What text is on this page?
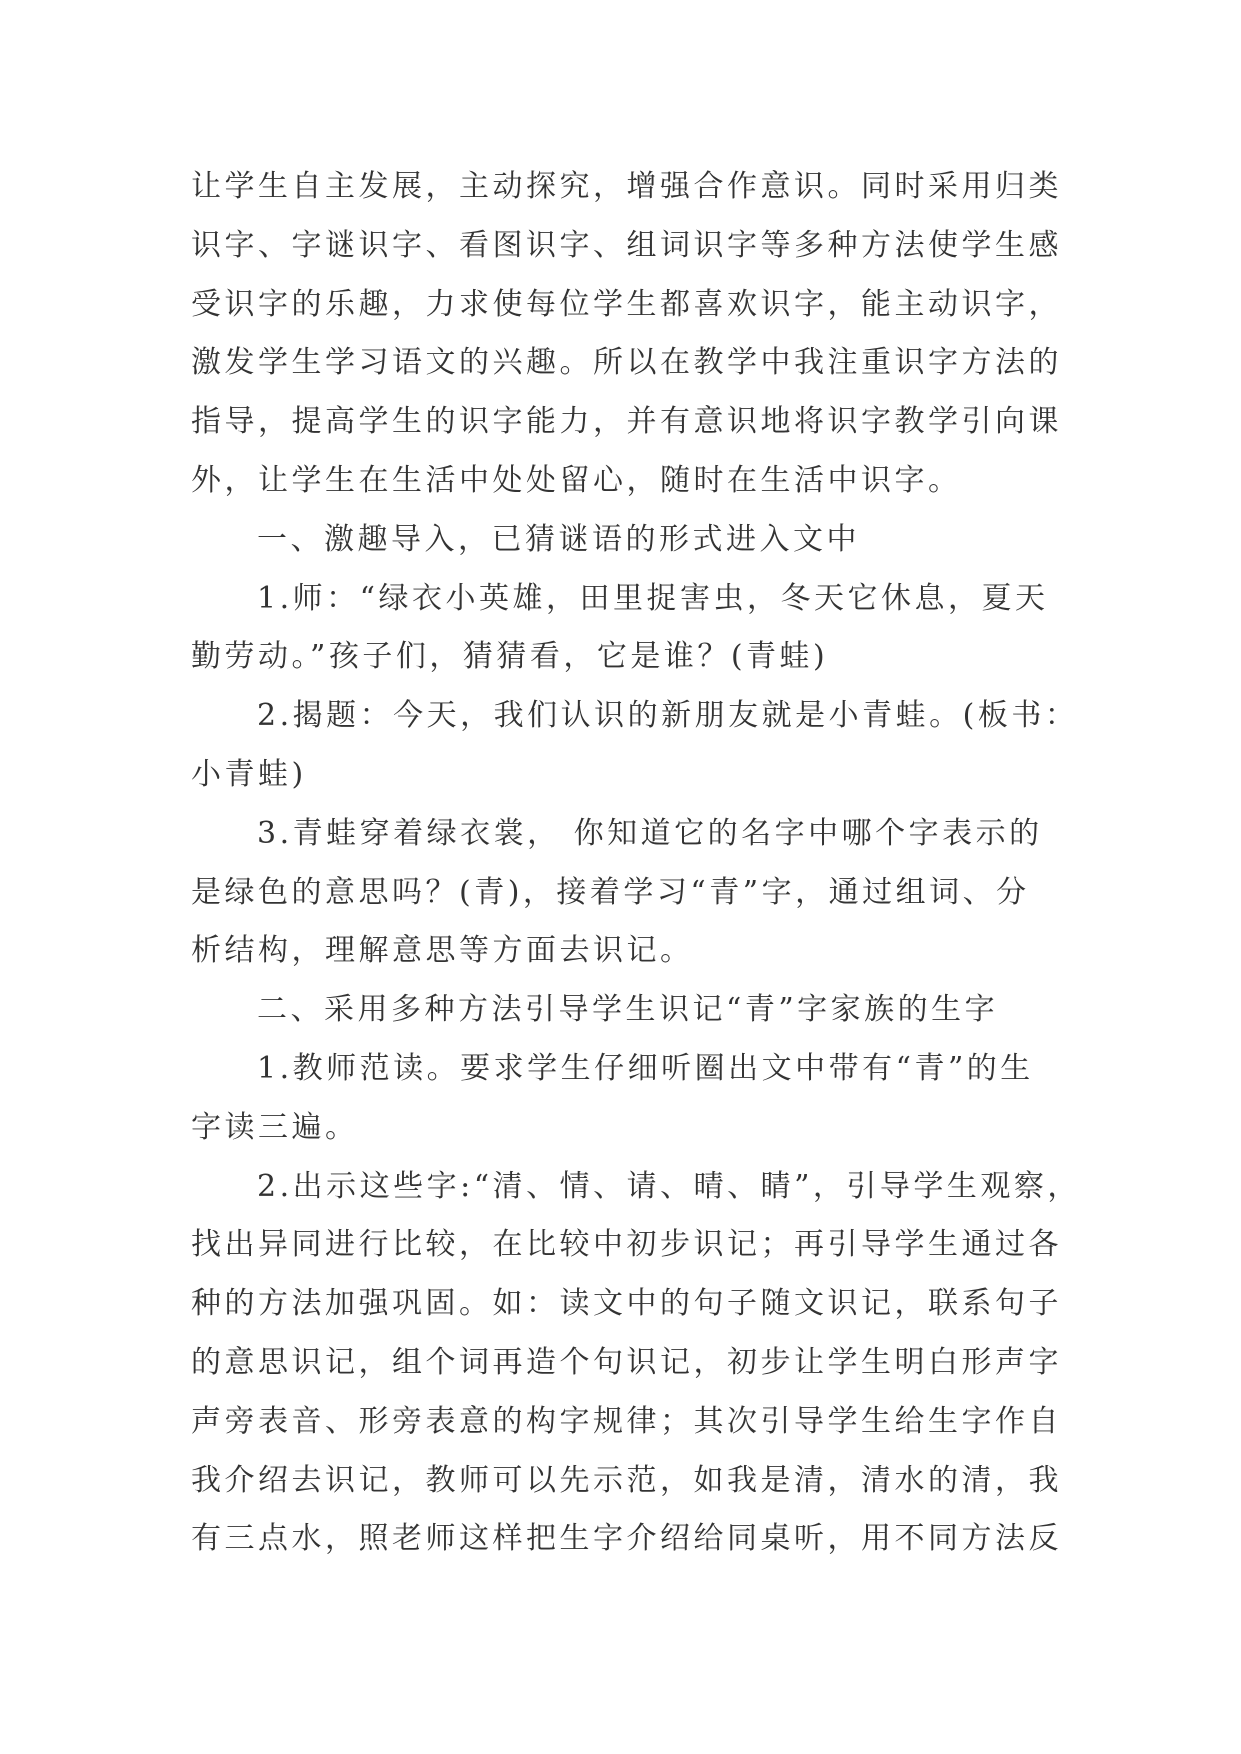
让学生自主发展，主动探究，增强合作意识。同时采用归类
识字、字谜识字、看图识字、组词识字等多种方法使学生感
受识字的乐趣，力求使每位学生都喜欢识字，能主动识字，
激发学生学习语文的兴趣。所以在教学中我注重识字方法的
指导，提高学生的识字能力，并有意识地将识字教学引向课
外，让学生在生活中处处留心，随时在生活中识字。

一、激趣导入，已猜谜语的形式进入文中

1.师：“绿衣小英雄，田里捉害虫，冬天它休息，夏天
勤劳动。”孩子们，猜猜看，它是谁？(青蛙)

2.揭题：今天，我们认识的新朋友就是小青蛙。(板书：
小青蛙)

3.青蛙穿着绿衣裳， 你知道它的名字中哪个字表示的
是绿色的意思吗？(青)，接着学习“青”字，通过组词、分
析结构，理解意思等方面去识记。

二、采用多种方法引导学生识记“青”字家族的生字

1.教师范读。要求学生仔细听圈出文中带有“青”的生
字读三遍。

2.出示这些字:“清、情、请、晴、睛”，引导学生观察，
找出异同进行比较，在比较中初步识记；再引导学生通过各
种的方法加强巩固。如：读文中的句子随文识记，联系句子
的意思识记，组个词再造个句识记，初步让学生明白形声字
声旁表音、形旁表意的构字规律；其次引导学生给生字作自
我介绍去识记，教师可以先示范，如我是清，清水的清，我
有三点水，照老师这样把生字介绍给同桌听，用不同方法反
